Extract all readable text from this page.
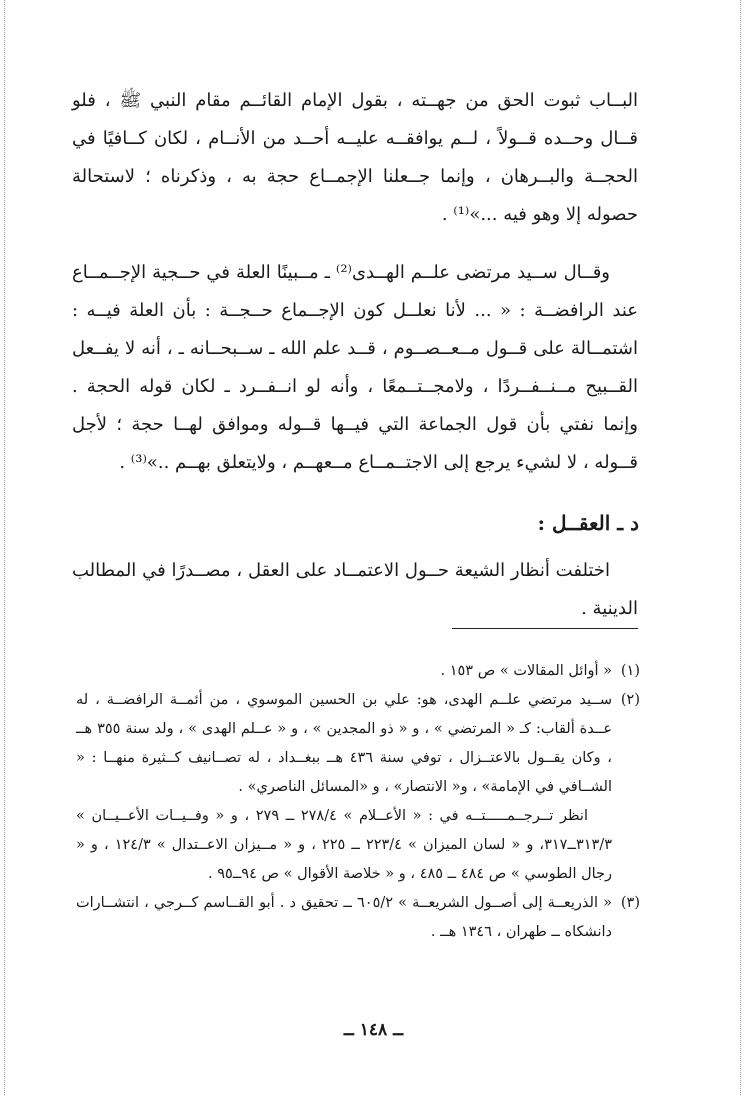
البــاب ثبوت الحق من جهــته ، بقول الإمام القائــم مقام النبي ﷺ ، فلو قــال وحــده قــولاً ، لــم يوافقــه عليــه أحــد من الأنــام ، لكان كــافيًا في الحجــة والبــرهان ، وإنما جــعلنا الإجمــاع حجة به ، وذكرناه ؛ لاستحالة حصوله إلا وهو فيه ...»⁽¹⁾ .

وقــال ســيد مرتضى علــم الهــدى⁽²⁾ ـ مــبينًا العلة في حــجية الإجــمــاع عند الرافضــة : « ... لأنا نعلــل كون الإجــماع حــجــة : بأن العلة فيــه : اشتمــالة على قــول مــعــصــوم ، قــد علم الله ـ ســبحــانه ـ ، أنه لا يفــعل القــبيح مــنــفــردًا ، ولامجــتــمعًا ، وأنه لو انــفــرد ـ لكان قوله الحجة . وإنما نفتي بأن قول الجماعة التي فيــها قــوله وموافق لهــا حجة ؛ لأجل قــوله ، لا لشيء يرجع إلى الاجتــمــاع مــعهــم ، ولايتعلق بهــم ..»⁽³⁾ .

د ـ العقــل :
اختلفت أنظار الشيعة حــول الاعتمــاد على العقل ، مصــدرًا في المطالب الدينية .
(١)

« أوائل المقالات » ص ١٥٣ .

(٢)

ســيد مرتضي علــم الهدى، هو: علي بن الحسين الموسوي ، من أئمــة الرافضــة ، له عــدة ألقاب: كـ « المرتضي » ، و « ذو المجدين » ، و « عــلم الهدى » ، ولد سنة ٣٥٥ هــ ، وكان يقــول بالاعتــزال ، توفي سنة ٤٣٦ هــ ببغــداد ، له تصــانيف كــثيرة منهــا : « الشــافي في الإمامة» ، و« الانتصار» ، و «المسائل الناصري» .

انظر تــرجــمـــــتــه في : « الأعــلام » ٢٧٨/٤ ــ ٢٧٩ ، و « وفــيــات الأعــيــان » ٣١٣/٣ــ٣١٧، و « لسان الميزان » ٢٢٣/٤ ــ ٢٢٥ ، و « مــيزان الاعــتدال » ١٢٤/٣ ، و « رجال الطوسي » ص ٤٨٤ ــ ٤٨٥ ، و « خلاصة الأقوال » ص ٩٤ــ٩٥ .

(٣)

« الذريعــة إلى أصــول الشريعــة » ٦٠٥/٢ ــ تحقيق د . أبو القــاسم كــرجي ، انتشــارات دانشكاه ــ طهران ، ١٣٤٦ هــ .

ــ ١٤٨ ــ
